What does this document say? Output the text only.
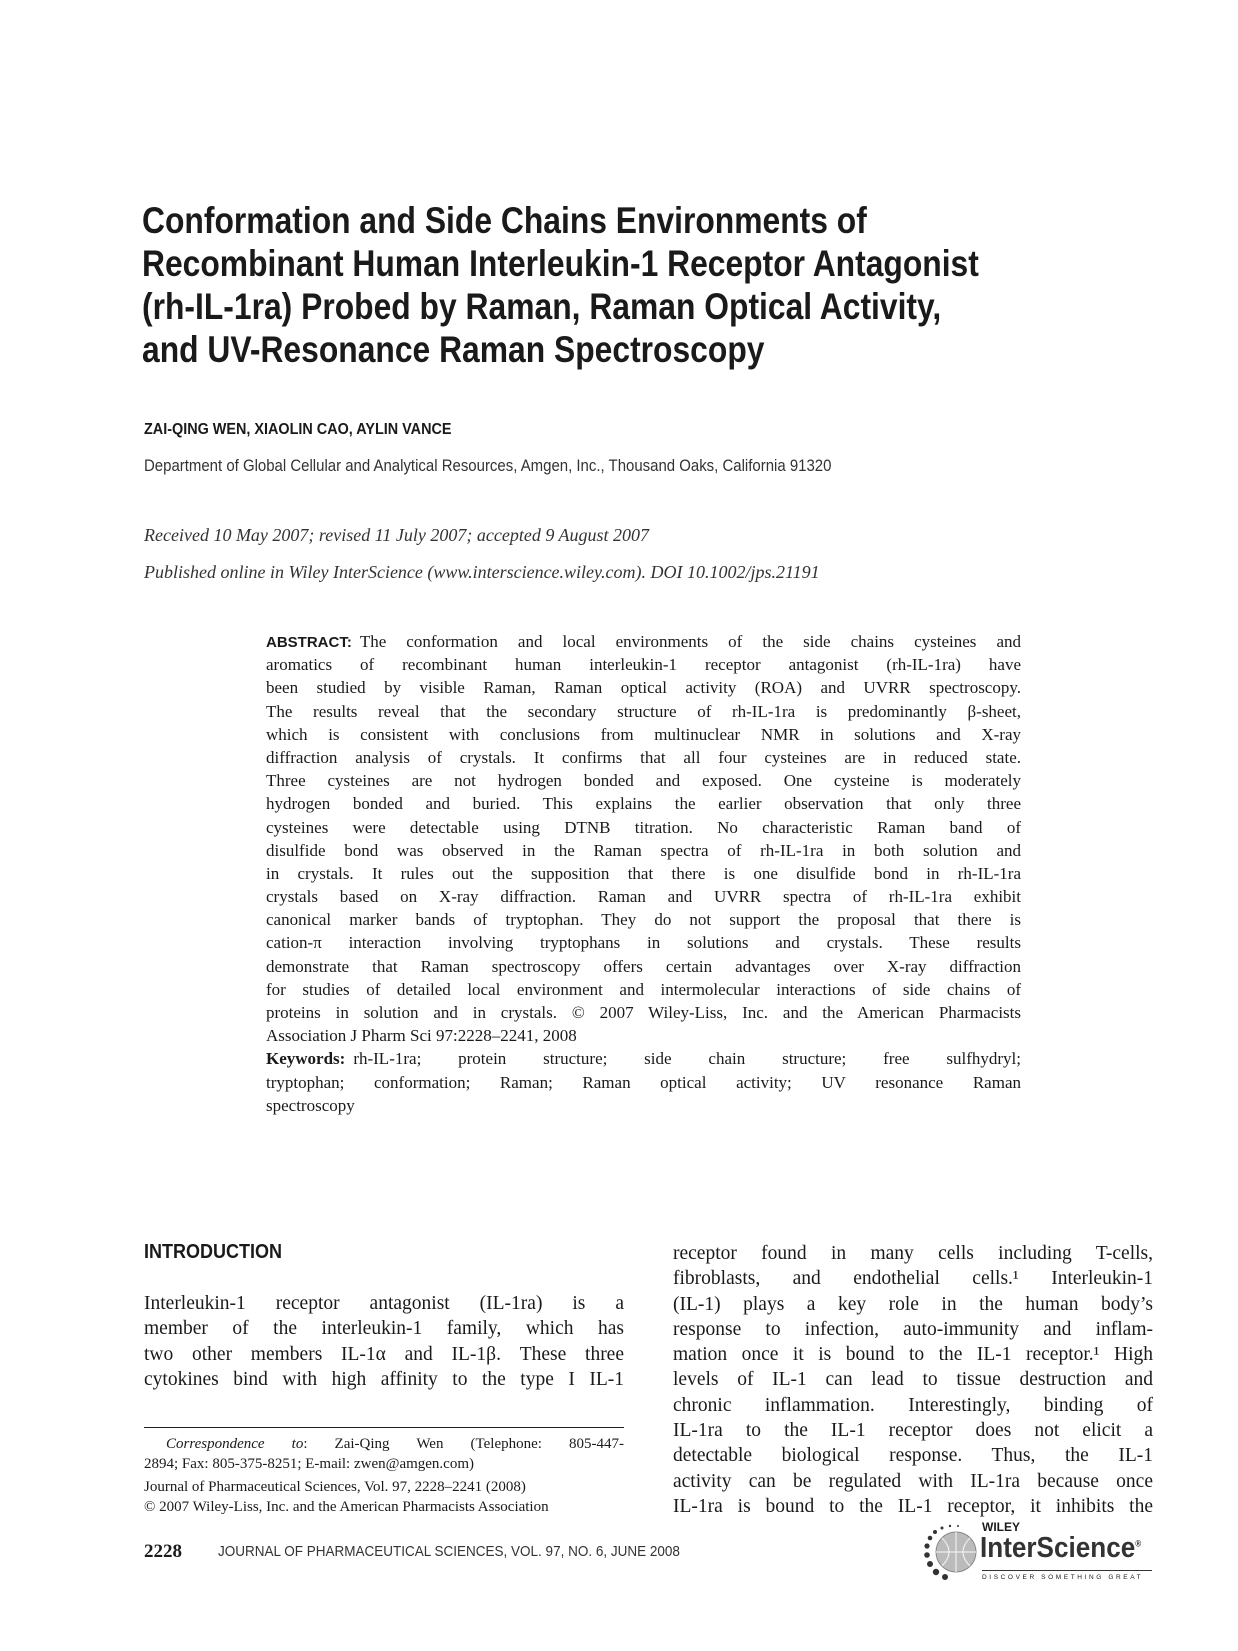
Conformation and Side Chains Environments of
Recombinant Human Interleukin-1 Receptor Antagonist
(rh-IL-1ra) Probed by Raman, Raman Optical Activity,
and UV-Resonance Raman Spectroscopy
ZAI-QING WEN, XIAOLIN CAO, AYLIN VANCE
Department of Global Cellular and Analytical Resources, Amgen, Inc., Thousand Oaks, California 91320
Received 10 May 2007; revised 11 July 2007; accepted 9 August 2007
Published online in Wiley InterScience (www.interscience.wiley.com). DOI 10.1002/jps.21191
ABSTRACT: The conformation and local environments of the side chains cysteines and
aromatics of recombinant human interleukin-1 receptor antagonist (rh-IL-1ra) have
been studied by visible Raman, Raman optical activity (ROA) and UVRR spectroscopy.
The results reveal that the secondary structure of rh-IL-1ra is predominantly β-sheet,
which is consistent with conclusions from multinuclear NMR in solutions and X-ray
diffraction analysis of crystals. It confirms that all four cysteines are in reduced state.
Three cysteines are not hydrogen bonded and exposed. One cysteine is moderately
hydrogen bonded and buried. This explains the earlier observation that only three
cysteines were detectable using DTNB titration. No characteristic Raman band of
disulfide bond was observed in the Raman spectra of rh-IL-1ra in both solution and
in crystals. It rules out the supposition that there is one disulfide bond in rh-IL-1ra
crystals based on X-ray diffraction. Raman and UVRR spectra of rh-IL-1ra exhibit
canonical marker bands of tryptophan. They do not support the proposal that there is
cation-π interaction involving tryptophans in solutions and crystals. These results
demonstrate that Raman spectroscopy offers certain advantages over X-ray diffraction
for studies of detailed local environment and intermolecular interactions of side chains of
proteins in solution and in crystals. © 2007 Wiley-Liss, Inc. and the American Pharmacists
Association J Pharm Sci 97:2228–2241, 2008
Keywords: rh-IL-1ra; protein structure; side chain structure; free sulfhydryl;
tryptophan; conformation; Raman; Raman optical activity; UV resonance Raman
spectroscopy
INTRODUCTION
Interleukin-1 receptor antagonist (IL-1ra) is a
member of the interleukin-1 family, which has
two other members IL-1α and IL-1β. These three
cytokines bind with high affinity to the type I IL-1
receptor found in many cells including T-cells,
fibroblasts, and endothelial cells.¹ Interleukin-1
(IL-1) plays a key role in the human body’s
response to infection, auto-immunity and inflam-
mation once it is bound to the IL-1 receptor.¹ High
levels of IL-1 can lead to tissue destruction and
chronic inflammation. Interestingly, binding of
IL-1ra to the IL-1 receptor does not elicit a
detectable biological response. Thus, the IL-1
activity can be regulated with IL-1ra because once
IL-1ra is bound to the IL-1 receptor, it inhibits the
Correspondence to: Zai-Qing Wen (Telephone: 805-447-
2894; Fax: 805-375-8251; E-mail: zwen@amgen.com)
Journal of Pharmaceutical Sciences, Vol. 97, 2228–2241 (2008)
© 2007 Wiley-Liss, Inc. and the American Pharmacists Association
2228 JOURNAL OF PHARMACEUTICAL SCIENCES, VOL. 97, NO. 6, JUNE 2008
WILEY
InterScience®
DISCOVER SOMETHING GREAT
